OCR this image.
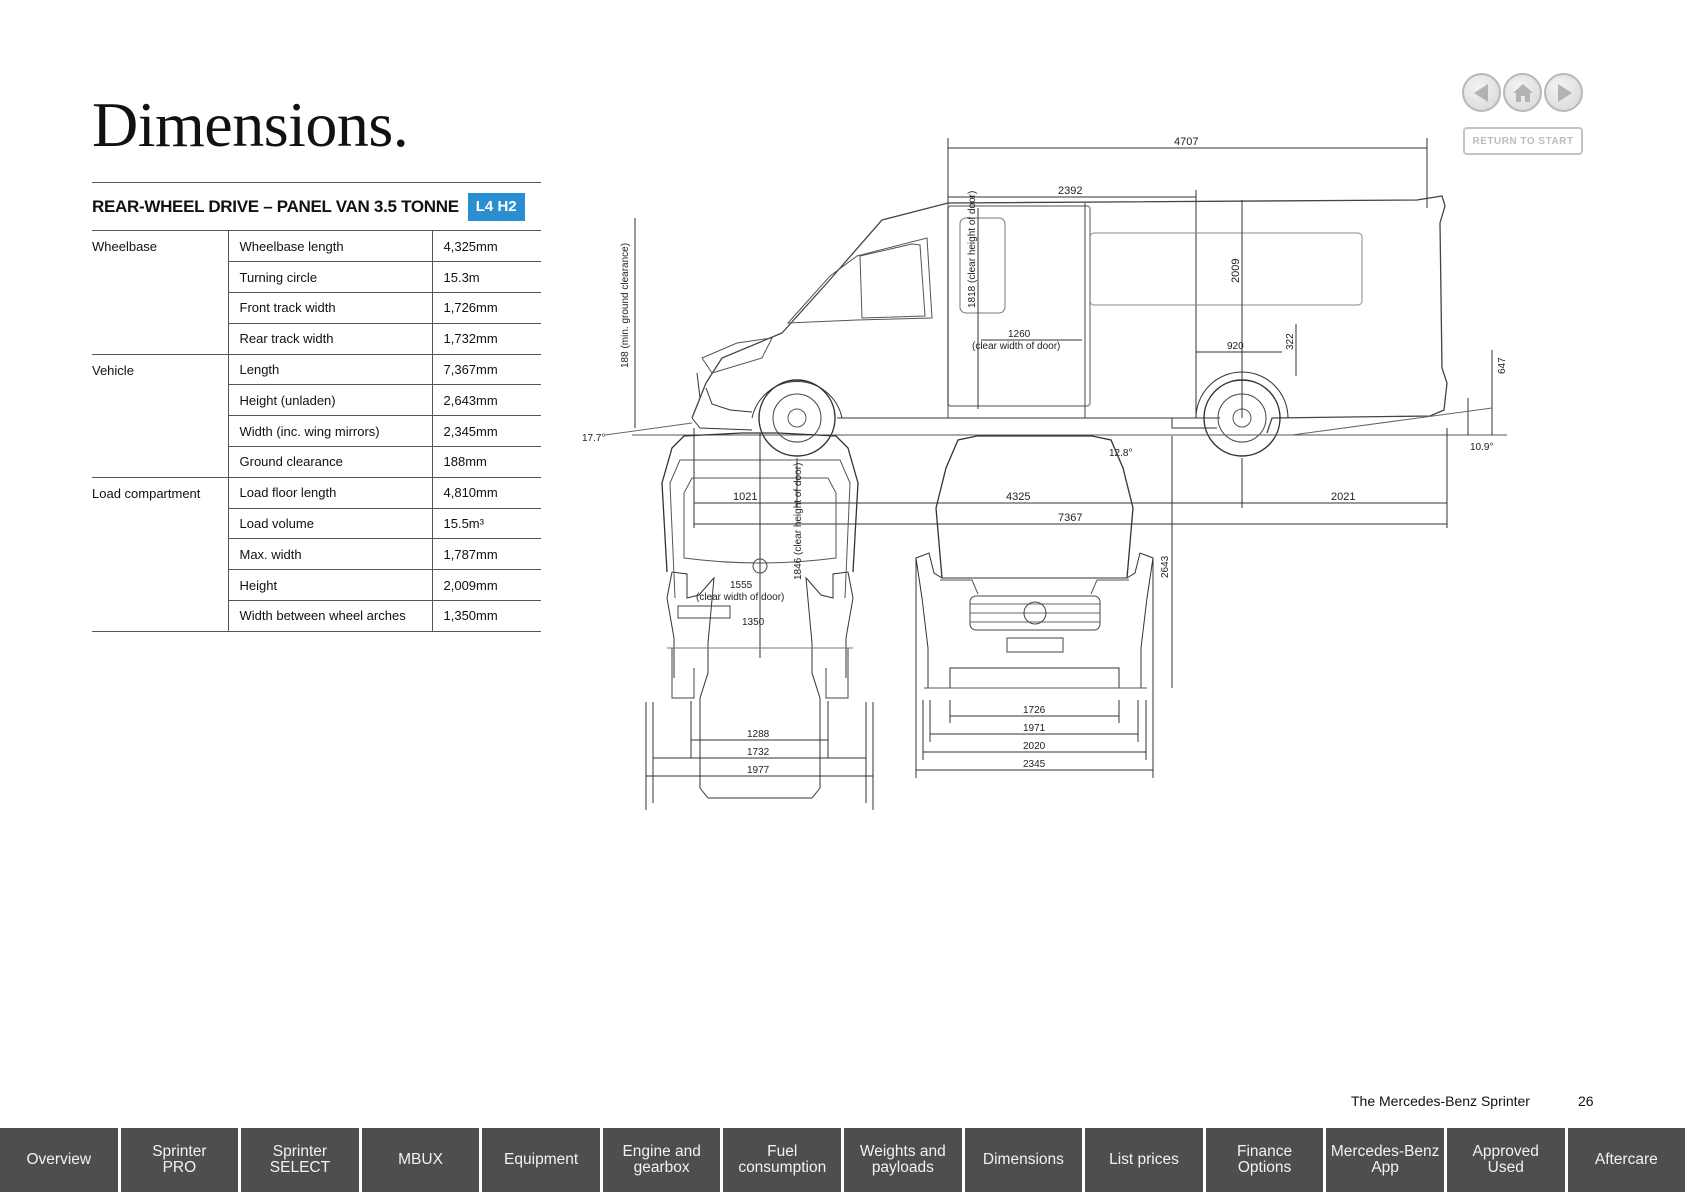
Dimensions.	RETURN TO START
REAR-WHEEL DRIVE – PANEL VAN 3.5 TONNE	L4 H2
Wheelbase	Wheelbase length	4,325mm
	Turning circle	15.3m
	Front track width	1,726mm
	Rear track width	1,732mm
Vehicle	Length	7,367mm
	Height (unladen)	2,643mm
	Width (inc. wing mirrors)	2,345mm
	Ground clearance	188mm
Load compartment	Load floor length	4,810mm
	Load volume	15.5m³
	Max. width	1,787mm
	Height	2,009mm
	Width between wheel arches	1,350mm
4707
2392
1818 (clear height of door)	2009
920	322
1260 (clear width of door)
188 (min. ground clearance)
647
17.7°
10.9°
12.8°
1021	4325	2021
7367
1846 (clear height of door)
1555 (clear width of door)
1350
1288
1732
1977
2643
1726
1971
2020
2345
The Mercedes-Benz Sprinter	26
Overview	Sprinter
PRO
Sprinter
SELECT	MBUX	Equipment	Engine and
gearbox
Fuel
consumption
Weights and
payloads	Dimensions	List prices	Finance
Options
Mercedes-Benz
App
Approved
Used	Aftercare
